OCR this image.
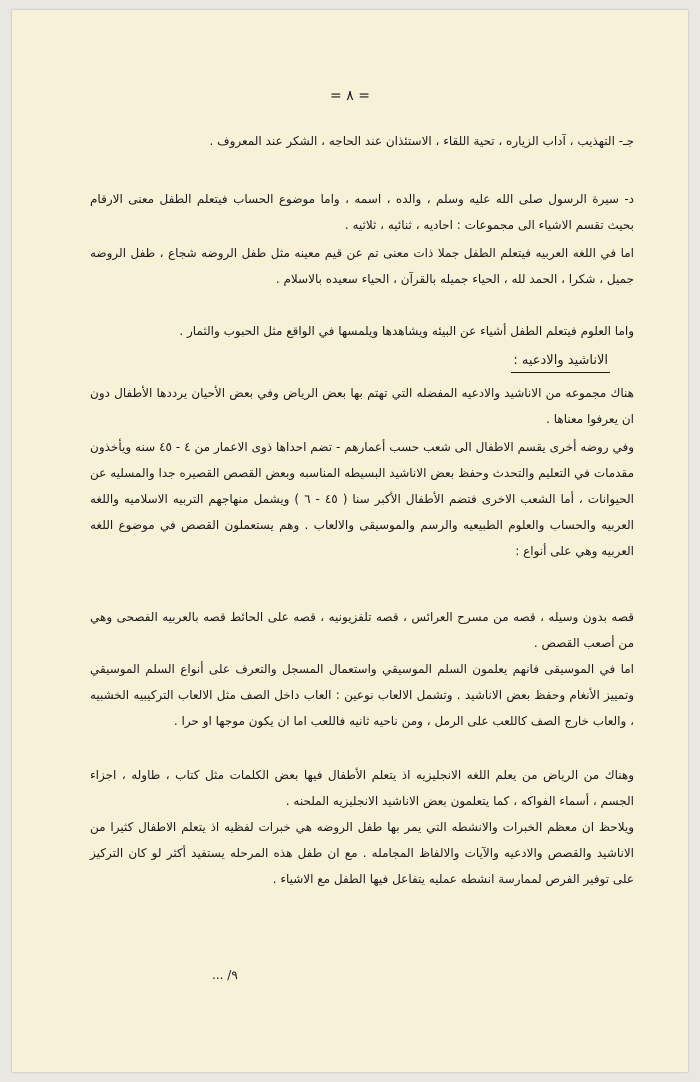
= ٨ =
جـ- التهذيب ، آداب الزياره ، تحية اللقاء ، الاستئذان عند الحاجه ، الشكر عند المعروف .
د- سيرة الرسول صلى الله عليه وسلم ، والده ، اسمه ، واما موضوع الحساب فيتعلم الطفل معنى الارقام بحيث تقسم الاشياء الى مجموعات : احاديه ، ثنائيه ، ثلاثيه .
اما في اللغه العربيه فيتعلم الطفل جملا ذات معنى تم عن قيم معينه مثل طفل الروضه شجاع ، طفل الروضه جميل ، شكرا ، الحمد لله ، الحياء جميله بالقرآن ، الحياء سعيده بالاسلام .
واما العلوم فيتعلم الطفل أشياء عن البيئه ويشاهدها ويلمسها في الواقع مثل الحبوب والثمار .
الاناشيد والادعيه :
هناك مجموعه من الاناشيد والادعيه المفضله التي تهتم بها بعض الرياض وفي بعض الأحيان يرددها الأطفال دون ان يعرفوا معناها .
وفي روضه أخرى يقسم الاطفال الى شعب حسب أعمارهم - تضم احداها ذوى الاعمار من ٤ - ٤٥ سنه ويأخذون مقدمات في التعليم والتحدث وحفظ بعض الاناشيد البسيطه المناسبه وبعض القصص القصيره جدا والمسليه عن الحيوانات ، أما الشعب الاخرى فتضم الأطفال الأكبر سنا ( ٤٥ - ٦ ) ويشمل منهاجهم التربيه الاسلاميه واللغه العربيه والحساب والعلوم الطبيعيه والرسم والموسيقى والالعاب . وهم يستعملون القصص في موضوع اللغه العربيه وهي على أنواع :
قصه بدون وسيله ، قصه من مسرح العرائس ، قصه تلفزيونيه ، قصه على الحائط قصه بالعربيه الفصحى وهي من أصعب القصص .
اما في الموسيقى فانهم يعلمون السلم الموسيقي واستعمال المسجل والتعرف على أنواع السلم الموسيقي وتمييز الأنغام وحفظ بعض الاناشيد . وتشمل الالعاب نوعين : العاب داخل الصف مثل الالعاب التركيبيه الخشبيه ، والعاب خارج الصف كاللعب على الرمل ، ومن ناحيه ثانيه فاللعب اما ان يكون موجها او حرا .
وهناك من الرياض من يعلم اللغه الانجليزيه اذ يتعلم الأطفال فيها بعض الكلمات مثل كتاب ، طاوله ، اجزاء الجسم ، أسماء الفواكه ، كما يتعلمون بعض الاناشيد الانجليزيه الملحنه .
ويلاحظ ان معظم الخبرات والانشطه التي يمر بها طفل الروضه هي خبرات لفظيه اذ يتعلم الاطفال كثيرا من الاناشيد والقصص والادعيه والآيات والالفاظ المجامله . مع ان طفل هذه المرحله يستفيد أكثر لو كان التركيز على توفير الفرص لممارسة انشطه عمليه يتفاعل فيها الطفل مع الاشياء .
٩/ ...
